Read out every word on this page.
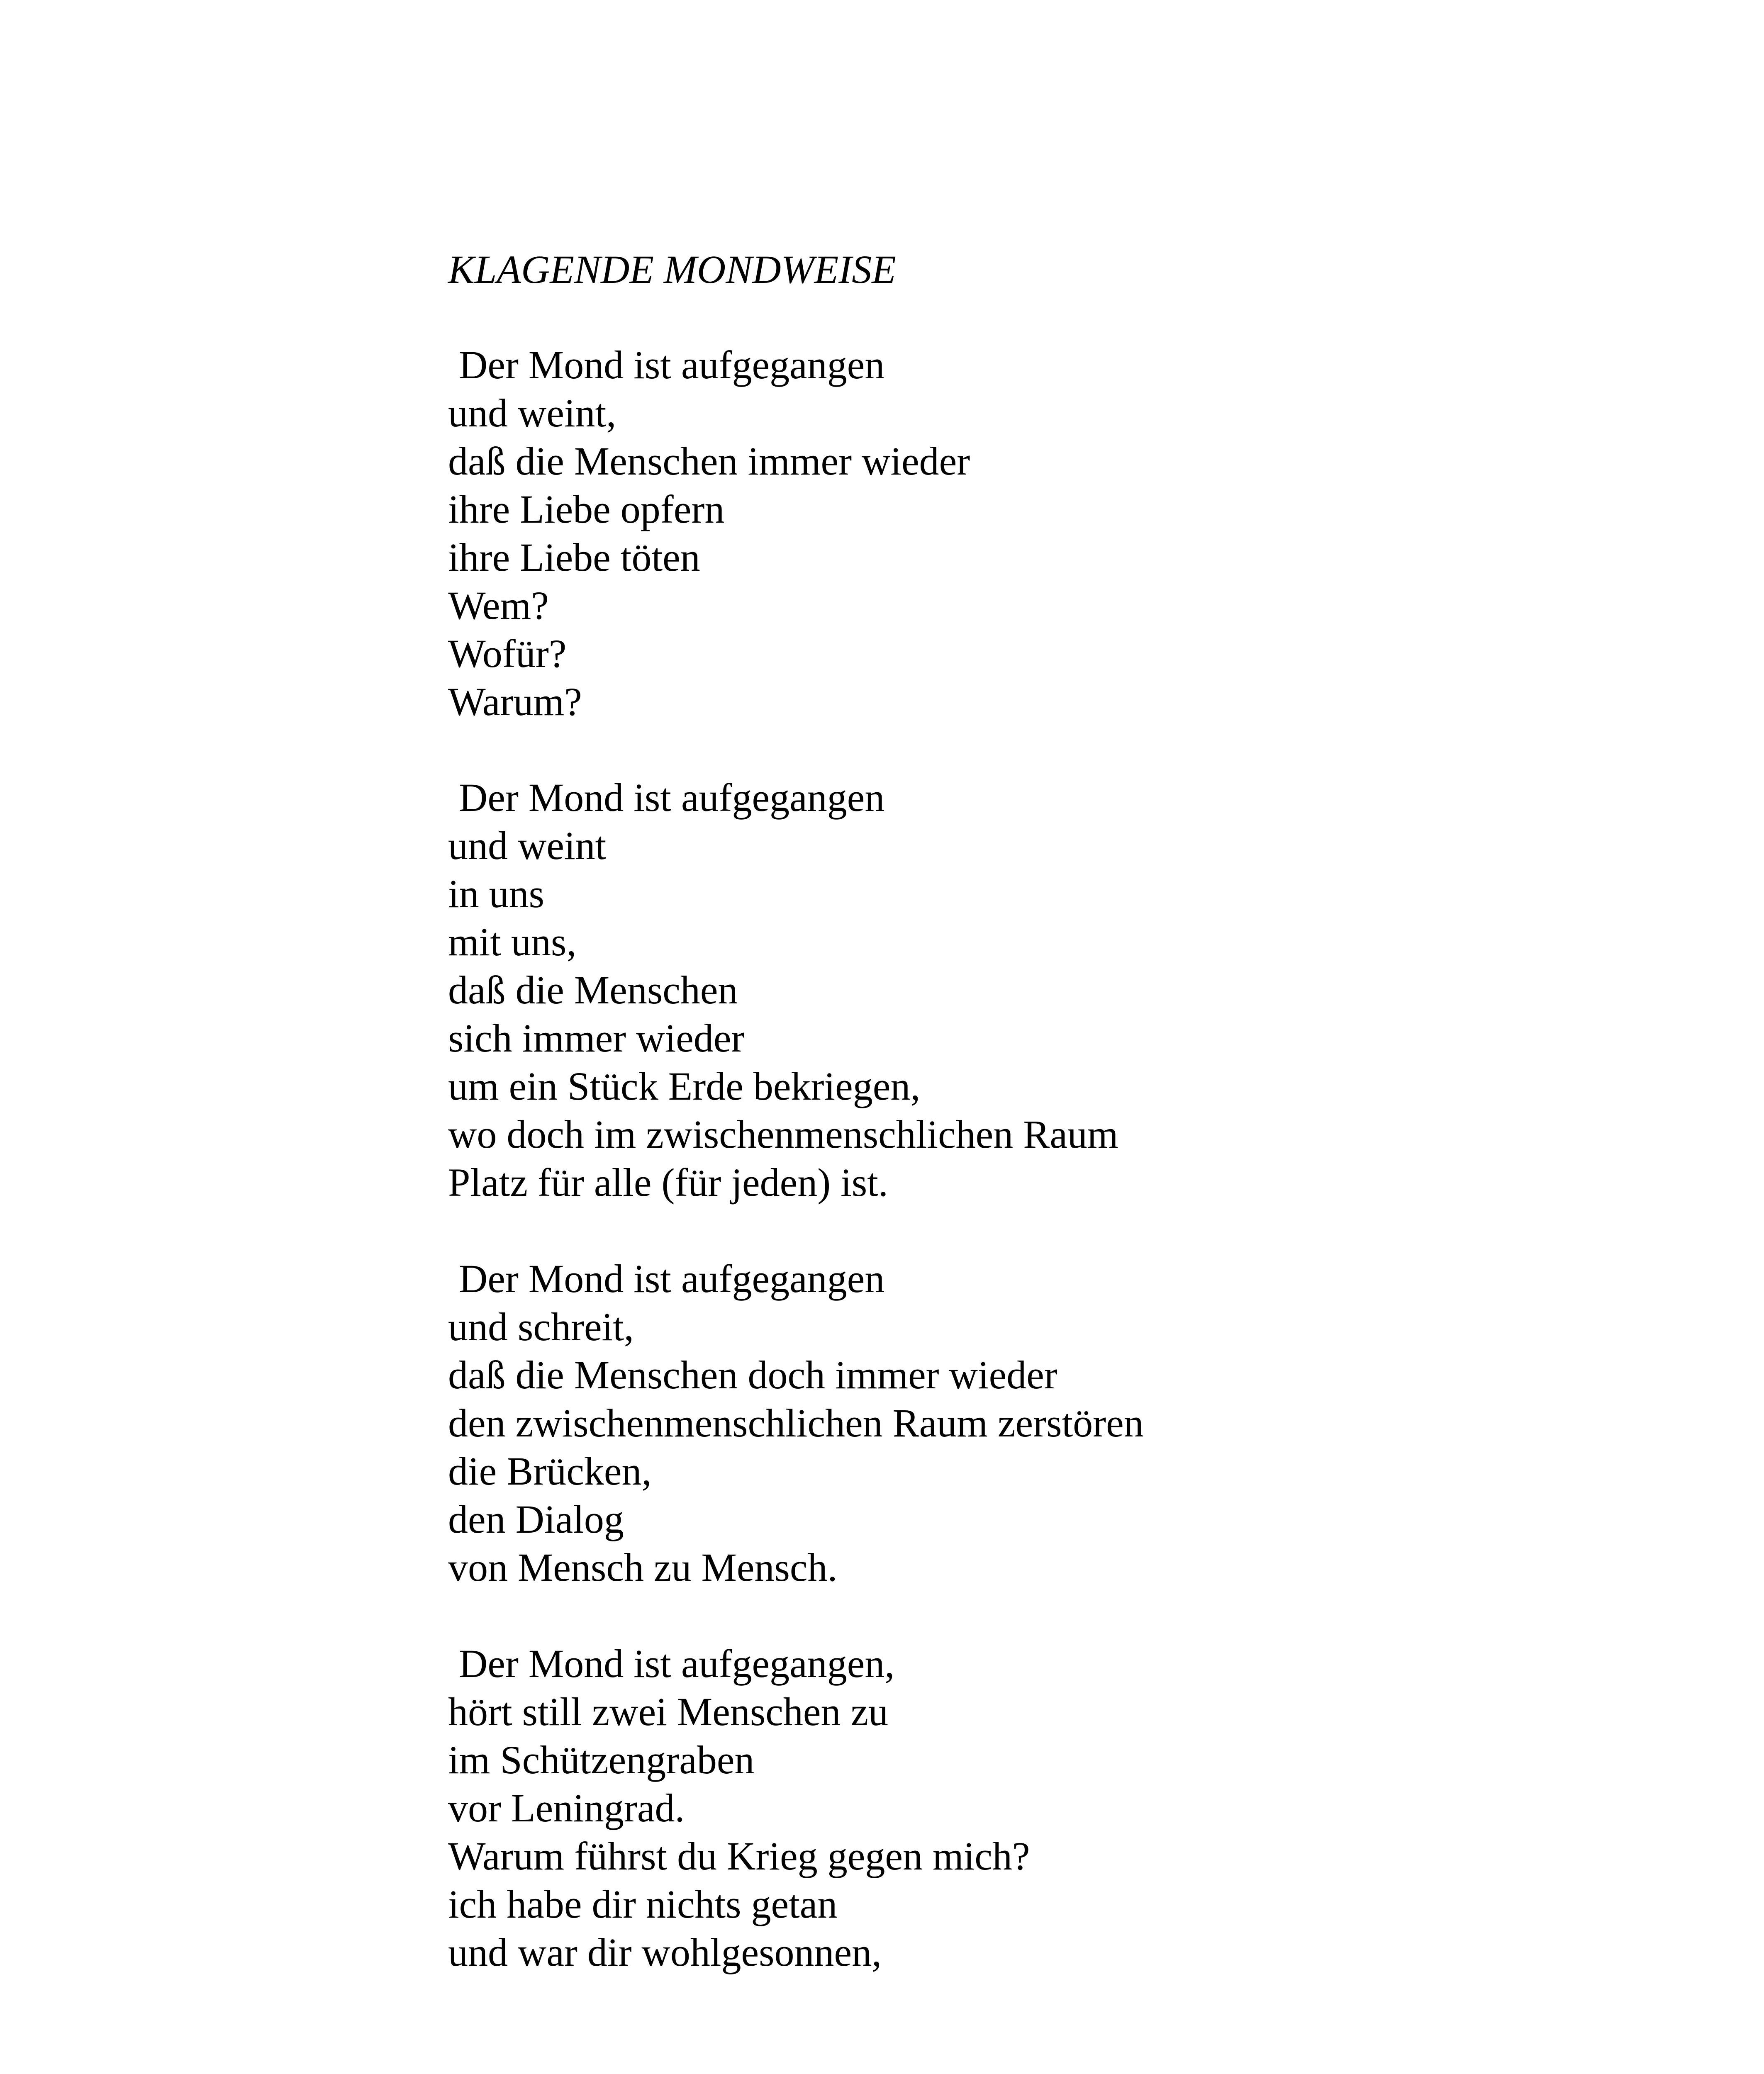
KLAGENDE MONDWEISE
Der Mond ist aufgegangen
und weint,
daß die Menschen immer wieder
ihre Liebe opfern
ihre Liebe töten
Wem?
Wofür?
Warum?
Der Mond ist aufgegangen
und weint
in uns
mit uns,
daß die Menschen
sich immer wieder
um ein Stück Erde bekriegen,
wo doch im zwischenmenschlichen Raum
Platz für alle (für jeden) ist.
Der Mond ist aufgegangen
und schreit,
daß die Menschen doch immer wieder
den zwischenmenschlichen Raum zerstören
die Brücken,
den Dialog
von Mensch zu Mensch.
Der Mond ist aufgegangen,
hört still zwei Menschen zu
im Schützengraben
vor Leningrad.
Warum führst du Krieg gegen mich?
ich habe dir nichts getan
und war dir wohlgesonnen,
